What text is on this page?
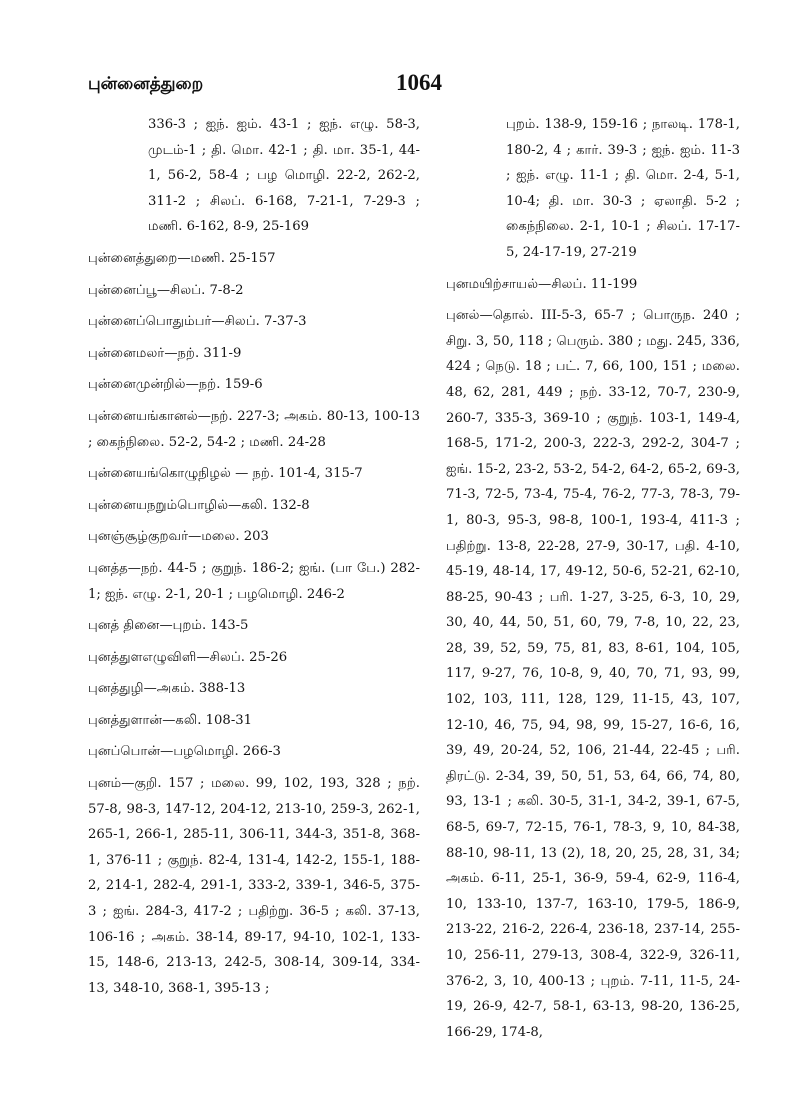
புன்னைத்துறை	1064

336-3 ; ஐந். ஐம். 43-1 ; ஐந். எழு. 58-3, முடம்-1 ; தி. மொ. 42-1 ; தி. மா. 35-1, 44-1, 56-2, 58-4 ; பழ மொழி. 22-2, 262-2, 311-2 ; சிலப். 6-168, 7-21-1, 7-29-3 ; மணி. 6-162, 8-9, 25-169

புன்னைத்துறை—மணி. 25-157

புன்னைப்பூ—சிலப். 7-8-2

புன்னைப்பொதும்பர்—சிலப். 7-37-3

புன்னைமலர்—நற். 311-9

புன்னைமுன்றில்—நற். 159-6

புன்னையங்கானல்—நற். 227-3; அகம். 80-13, 100-13 ; கைந்நிலை. 52-2, 54-2 ; மணி. 24-28

புன்னையங்கொழுநிழல் — நற். 101-4, 315-7

புன்னையநறும்பொழில்—கலி. 132-8

புனஞ்சூழ்குறவர்—மலை. 203

புனத்த—நற். 44-5 ; குறுந். 186-2; ஐங். (பா பே.) 282-1; ஐந். எழு. 2-1, 20-1 ; பழமொழி. 246-2

புனத் தினை—புறம். 143-5

புனத்துளஎழுவிளி—சிலப். 25-26

புனத்துழி—அகம். 388-13

புனத்துளான்—கலி. 108-31

புனப்பொன்—பழமொழி. 266-3

புனம்—குறி. 157 ; மலை. 99, 102, 193, 328 ; நற். 57-8, 98-3, 147-12, 204-12, 213-10, 259-3, 262-1, 265-1, 266-1, 285-11, 306-11, 344-3, 351-8, 368-1, 376-11 ; குறுந். 82-4, 131-4, 142-2, 155-1, 188-2, 214-1, 282-4, 291-1, 333-2, 339-1, 346-5, 375-3 ; ஐங். 284-3, 417-2 ; பதிற்று. 36-5 ; கலி. 37-13, 106-16 ; அகம். 38-14, 89-17, 94-10, 102-1, 133-15, 148-6, 213-13, 242-5, 308-14, 309-14, 334-13, 348-10, 368-1, 395-13 ;

புறம். 138-9, 159-16 ; நாலடி. 178-1, 180-2, 4 ; கார். 39-3 ; ஐந். ஐம். 11-3 ; ஐந். எழு. 11-1 ; தி. மொ. 2-4, 5-1, 10-4; தி. மா. 30-3 ; ஏலாதி. 5-2 ; கைந்நிலை. 2-1, 10-1 ; சிலப். 17-17-5, 24-17-19, 27-219

புனமயிற்சாயல்—சிலப். 11-199

புனல்—தொல். III-5-3, 65-7 ; பொருந. 240 ; சிறு. 3, 50, 118 ; பெரும். 380 ; மது. 245, 336, 424 ; நெடு. 18 ; பட். 7, 66, 100, 151 ; மலை. 48, 62, 281, 449 ; நற். 33-12, 70-7, 230-9, 260-7, 335-3, 369-10 ; குறுந். 103-1, 149-4, 168-5, 171-2, 200-3, 222-3, 292-2, 304-7 ; ஐங். 15-2, 23-2, 53-2, 54-2, 64-2, 65-2, 69-3, 71-3, 72-5, 73-4, 75-4, 76-2, 77-3, 78-3, 79-1, 80-3, 95-3, 98-8, 100-1, 193-4, 411-3 ; பதிற்று. 13-8, 22-28, 27-9, 30-17, பதி. 4-10, 45-19, 48-14, 17, 49-12, 50-6, 52-21, 62-10, 88-25, 90-43 ; பரி. 1-27, 3-25, 6-3, 10, 29, 30, 40, 44, 50, 51, 60, 79, 7-8, 10, 22, 23, 28, 39, 52, 59, 75, 81, 83, 8-61, 104, 105, 117, 9-27, 76, 10-8, 9, 40, 70, 71, 93, 99, 102, 103, 111, 128, 129, 11-15, 43, 107, 12-10, 46, 75, 94, 98, 99, 15-27, 16-6, 16, 39, 49, 20-24, 52, 106, 21-44, 22-45 ; பரி. திரட்டு. 2-34, 39, 50, 51, 53, 64, 66, 74, 80, 93, 13-1 ; கலி. 30-5, 31-1, 34-2, 39-1, 67-5, 68-5, 69-7, 72-15, 76-1, 78-3, 9, 10, 84-38, 88-10, 98-11, 13 (2), 18, 20, 25, 28, 31, 34; அகம். 6-11, 25-1, 36-9, 59-4, 62-9, 116-4, 10, 133-10, 137-7, 163-10, 179-5, 186-9, 213-22, 216-2, 226-4, 236-18, 237-14, 255-10, 256-11, 279-13, 308-4, 322-9, 326-11, 376-2, 3, 10, 400-13 ; புறம். 7-11, 11-5, 24-19, 26-9, 42-7, 58-1, 63-13, 98-20, 136-25, 166-29, 174-8,
